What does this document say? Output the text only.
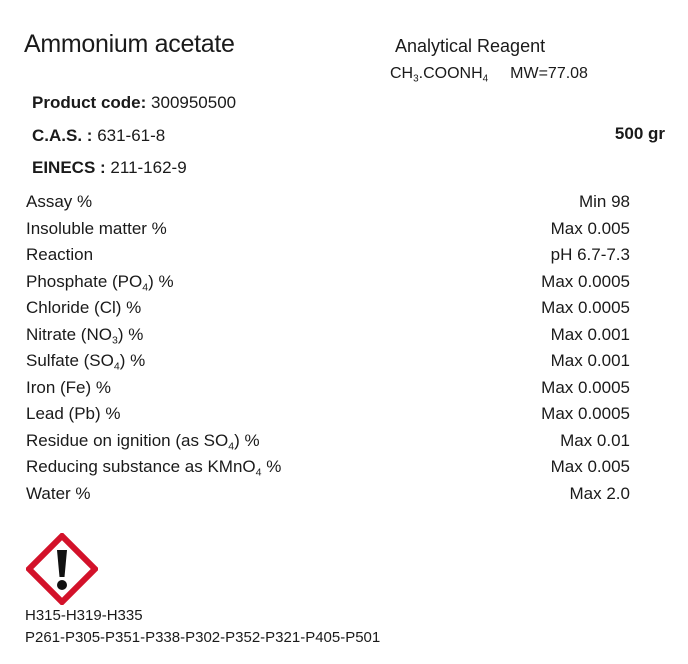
Ammonium acetate	Analytical Reagent
$CH_3.COONH_4$ MW=77.08
Product code: 300950500
C.A.S. : 631-61-8
EINECS : 211-162-9
500 gr
Assay %	Min 98
Insoluble matter %	Max 0.005
Reaction	pH 6.7-7.3
Phosphate $(PO_4)$ %	Max 0.0005
Chloride (Cl) %	Max 0.0005
Nitrate $(NO_3)$ %	Max 0.001
Sulfate $(SO_4)$ %	Max 0.001
Iron (Fe) %	Max 0.0005
Lead (Pb) %	Max 0.0005
Residue on ignition (as $SO_4$) %	Max 0.01
Reducing substance as KMnO$_4$ %	Max 0.005
Water %	Max 2.0
H315-H319-H335
P261-P305-P351-P338-P302-P352-P321-P405-P501
